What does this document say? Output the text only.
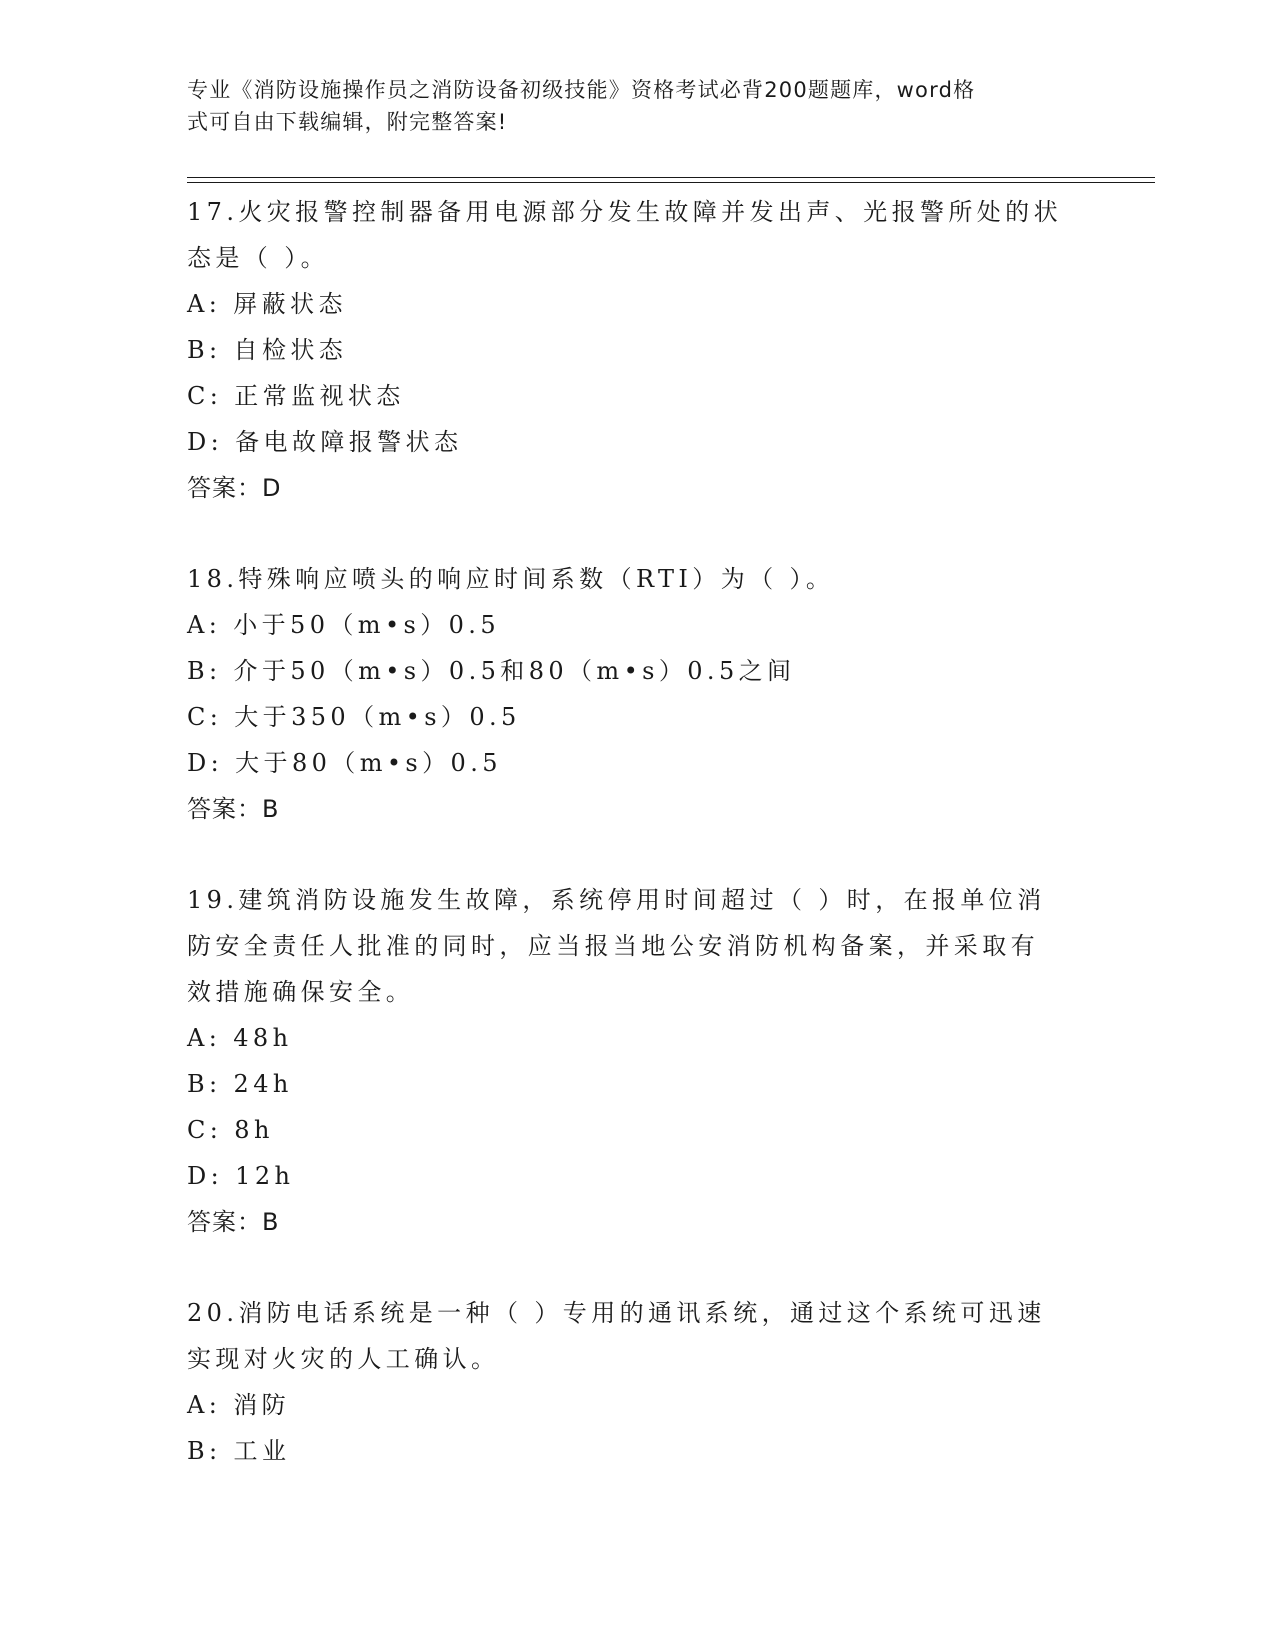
专业《消防设施操作员之消防设备初级技能》资格考试必背200题题库，word格
式可自由下载编辑，附完整答案!

17.火灾报警控制器备用电源部分发生故障并发出声、光报警所处的状

态是（ ）。

A: 屏蔽状态

B: 自检状态

C: 正常监视状态

D: 备电故障报警状态

答案：D

18.特殊响应喷头的响应时间系数（RTI）为（ ）。

A: 小于50（m•s）0.5

B: 介于50（m•s）0.5和80（m•s）0.5之间

C: 大于350（m•s）0.5

D: 大于80（m•s）0.5

答案：B

19.建筑消防设施发生故障，系统停用时间超过（ ）时，在报单位消

防安全责任人批准的同时，应当报当地公安消防机构备案，并采取有

效措施确保安全。

A: 48h

B: 24h

C: 8h

D: 12h

答案：B

20.消防电话系统是一种（ ）专用的通讯系统，通过这个系统可迅速

实现对火灾的人工确认。

A: 消防

B: 工业
